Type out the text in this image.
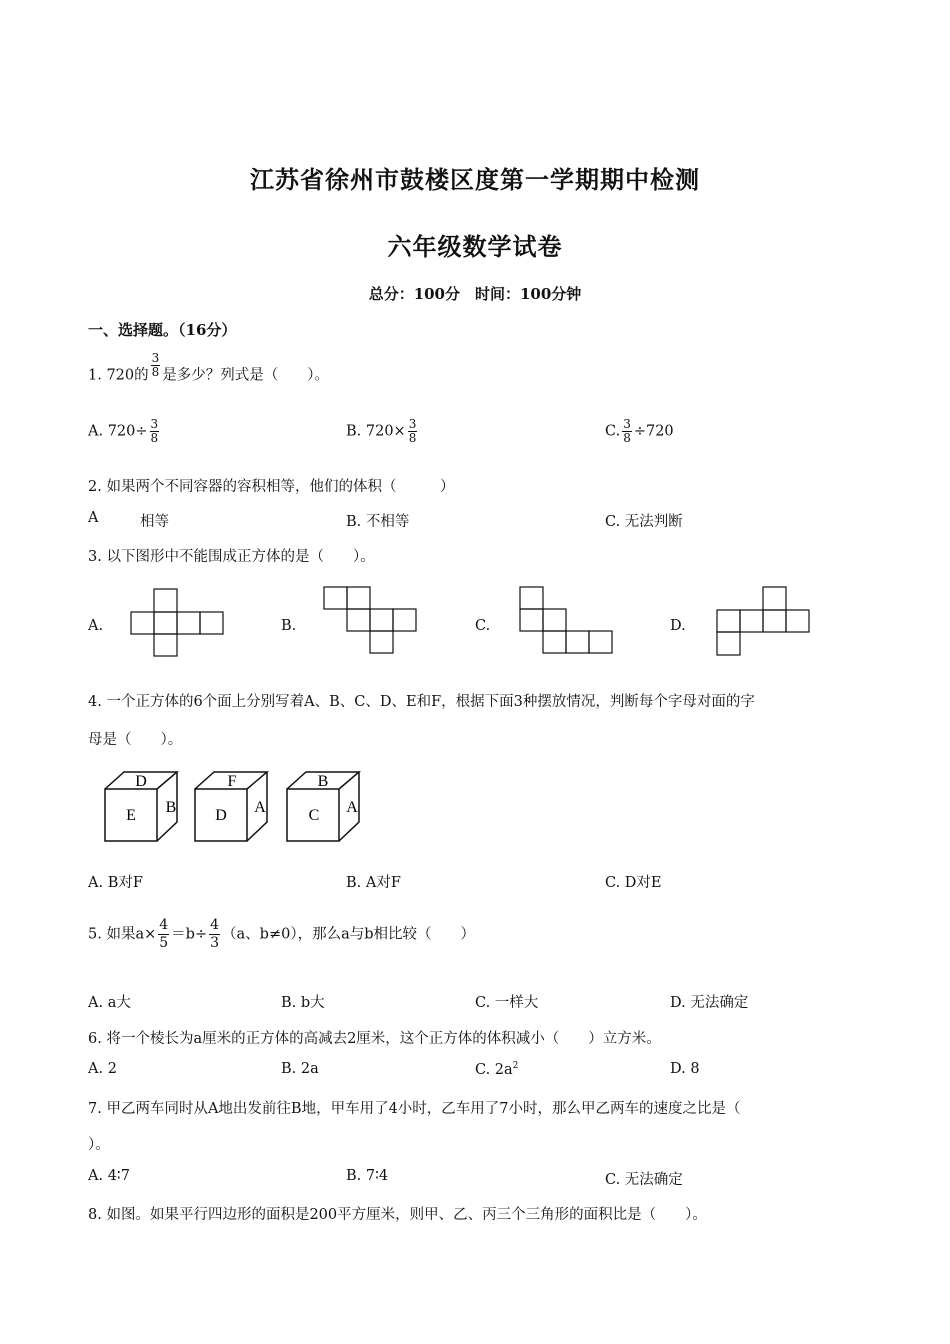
江苏省徐州市鼓楼区度第一学期期中检测
六年级数学试卷
总分：100分　时间：100分钟
一、选择题。（16分）
1. 720的 $\frac{3}{8}$ 是多少？列式是（　　）。
A. $720\div \frac{3}{8}$	B. $720\times \frac{3}{8}$	C. $\frac{3}{8} \div 720$
2. 如果两个不同容器的容积相等，他们的体积（　　　）
A	相等	B. 不相等	C. 无法判断
3. 以下图形中不能围成正方体的是（　　）。
A.	B.	C.	D.
4. 一个正方体的6个面上分别写着A、B、C、D、E和F，根据下面3种摆放情况，判断每个字母对面的字
母是（　　）。
D
E B
F
D A
B
C A
A. B对F	B. A对F	C. D对E
5. 如果$a\times \frac{4}{5} =b\div \frac{4}{3} (a$、b≠0），那么a与b相比较（　　）
A. a大	B. b大	C. 一样大	D. 无法确定
6. 将一个棱长为a厘米的正方体的高减去2厘米，这个正方体的体积减小（　　）立方米。
A. 2	B. 2a	C. $2a^2$	D. 8
7. 甲乙两车同时从A地出发前往B地，甲车用了4小时，乙车用了7小时，那么甲乙两车的速度之比是（
）。
A. 4∶7	B. 7∶4	C. 无法确定
8. 如图。如果平行四边形的面积是200平方厘米，则甲、乙、丙三个三角形的面积比是（　　）。
